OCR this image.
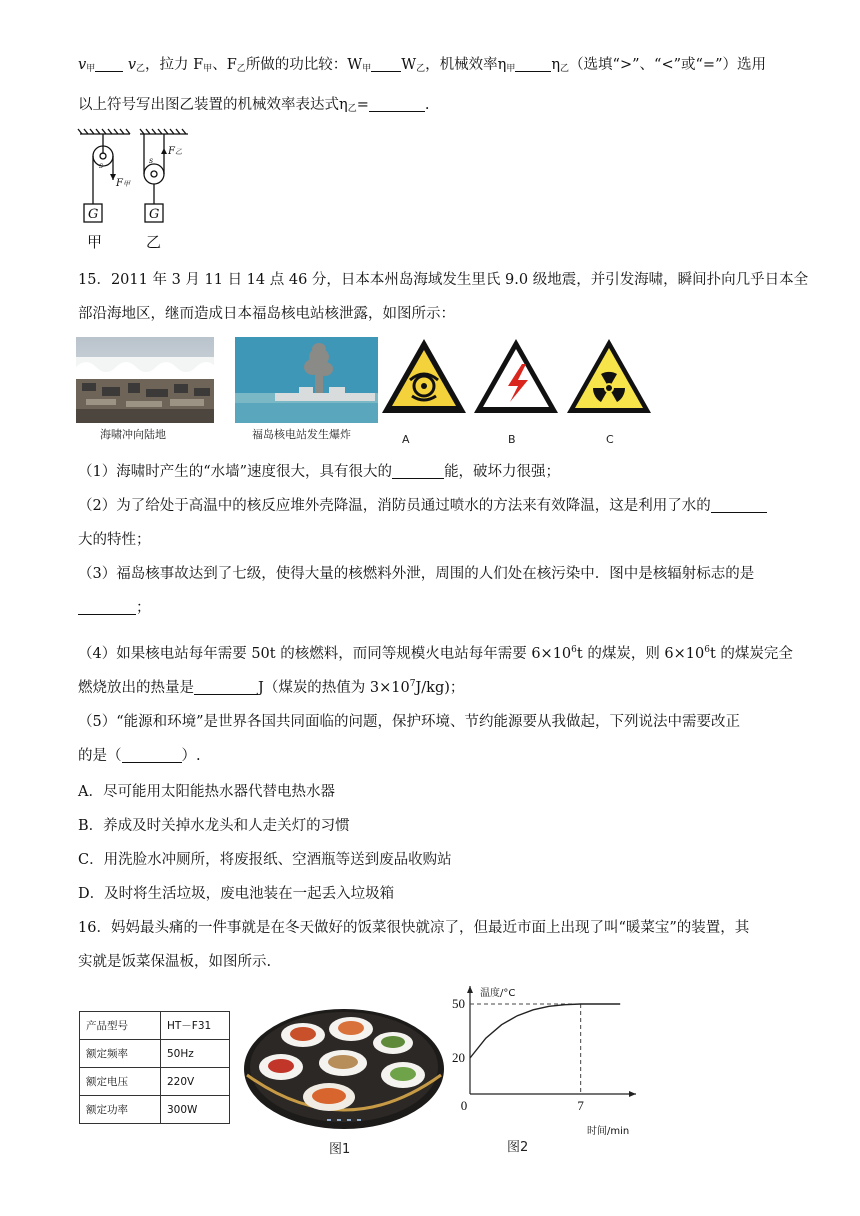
v甲 v乙，拉力 F甲、F乙所做的功比较：W甲 W乙，机械效率η甲 η乙（选填“>”、“<”或“=”）选用
以上符号写出图乙装置的机械效率表达式η乙=	.
G	G
F甲
F乙
s
s
甲	乙
15．2011 年 3 月 11 日 14 点 46 分，日本本州岛海域发生里氏 9.0 级地震，并引发海啸，瞬间扑向几乎日本全
部沿海地区，继而造成日本福岛核电站核泄露，如图所示：
海啸冲向陆地	福岛核电站发生爆炸	A	B	C
（1）海啸时产生的“水墙”速度很大，具有很大的	能，破坏力很强；
（2）为了给处于高温中的核反应堆外壳降温，消防员通过喷水的方法来有效降温，这是利用了水的
大的特性；
（3）福岛核事故达到了七级，使得大量的核燃料外泄，周围的人们处在核污染中．图中是核辐射标志的是
；
（4）如果核电站每年需要 50t 的核燃料，而同等规模火电站每年需要 $6\times 10^6t$ 的煤炭，则 $6\times 10^6t$ 的煤炭完全
燃烧放出的热量是	J（煤炭的热值为 $3\times 10^7J/kg$)；
（5）“能源和环境”是世界各国共同面临的问题，保护环境、节约能源要从我做起，下列说法中需要改正
的是（	）.
A．尽可能用太阳能热水器代替电热水器
B．养成及时关掉水龙头和人走关灯的习惯
C．用洗脸水冲厕所，将废报纸、空酒瓶等送到废品收购站
D．及时将生活垃圾，废电池装在一起丢入垃圾箱
16．妈妈最头痛的一件事就是在冬天做好的饭菜很快就凉了，但最近市面上出现了叫“暖菜宝”的装置，其
实就是饭菜保温板，如图所示.
产品型号	HT－F31
额定频率	50Hz
额定电压	220V
额定功率	300W
图1
20
50
0	7
温度/°C
时间/min
图2
